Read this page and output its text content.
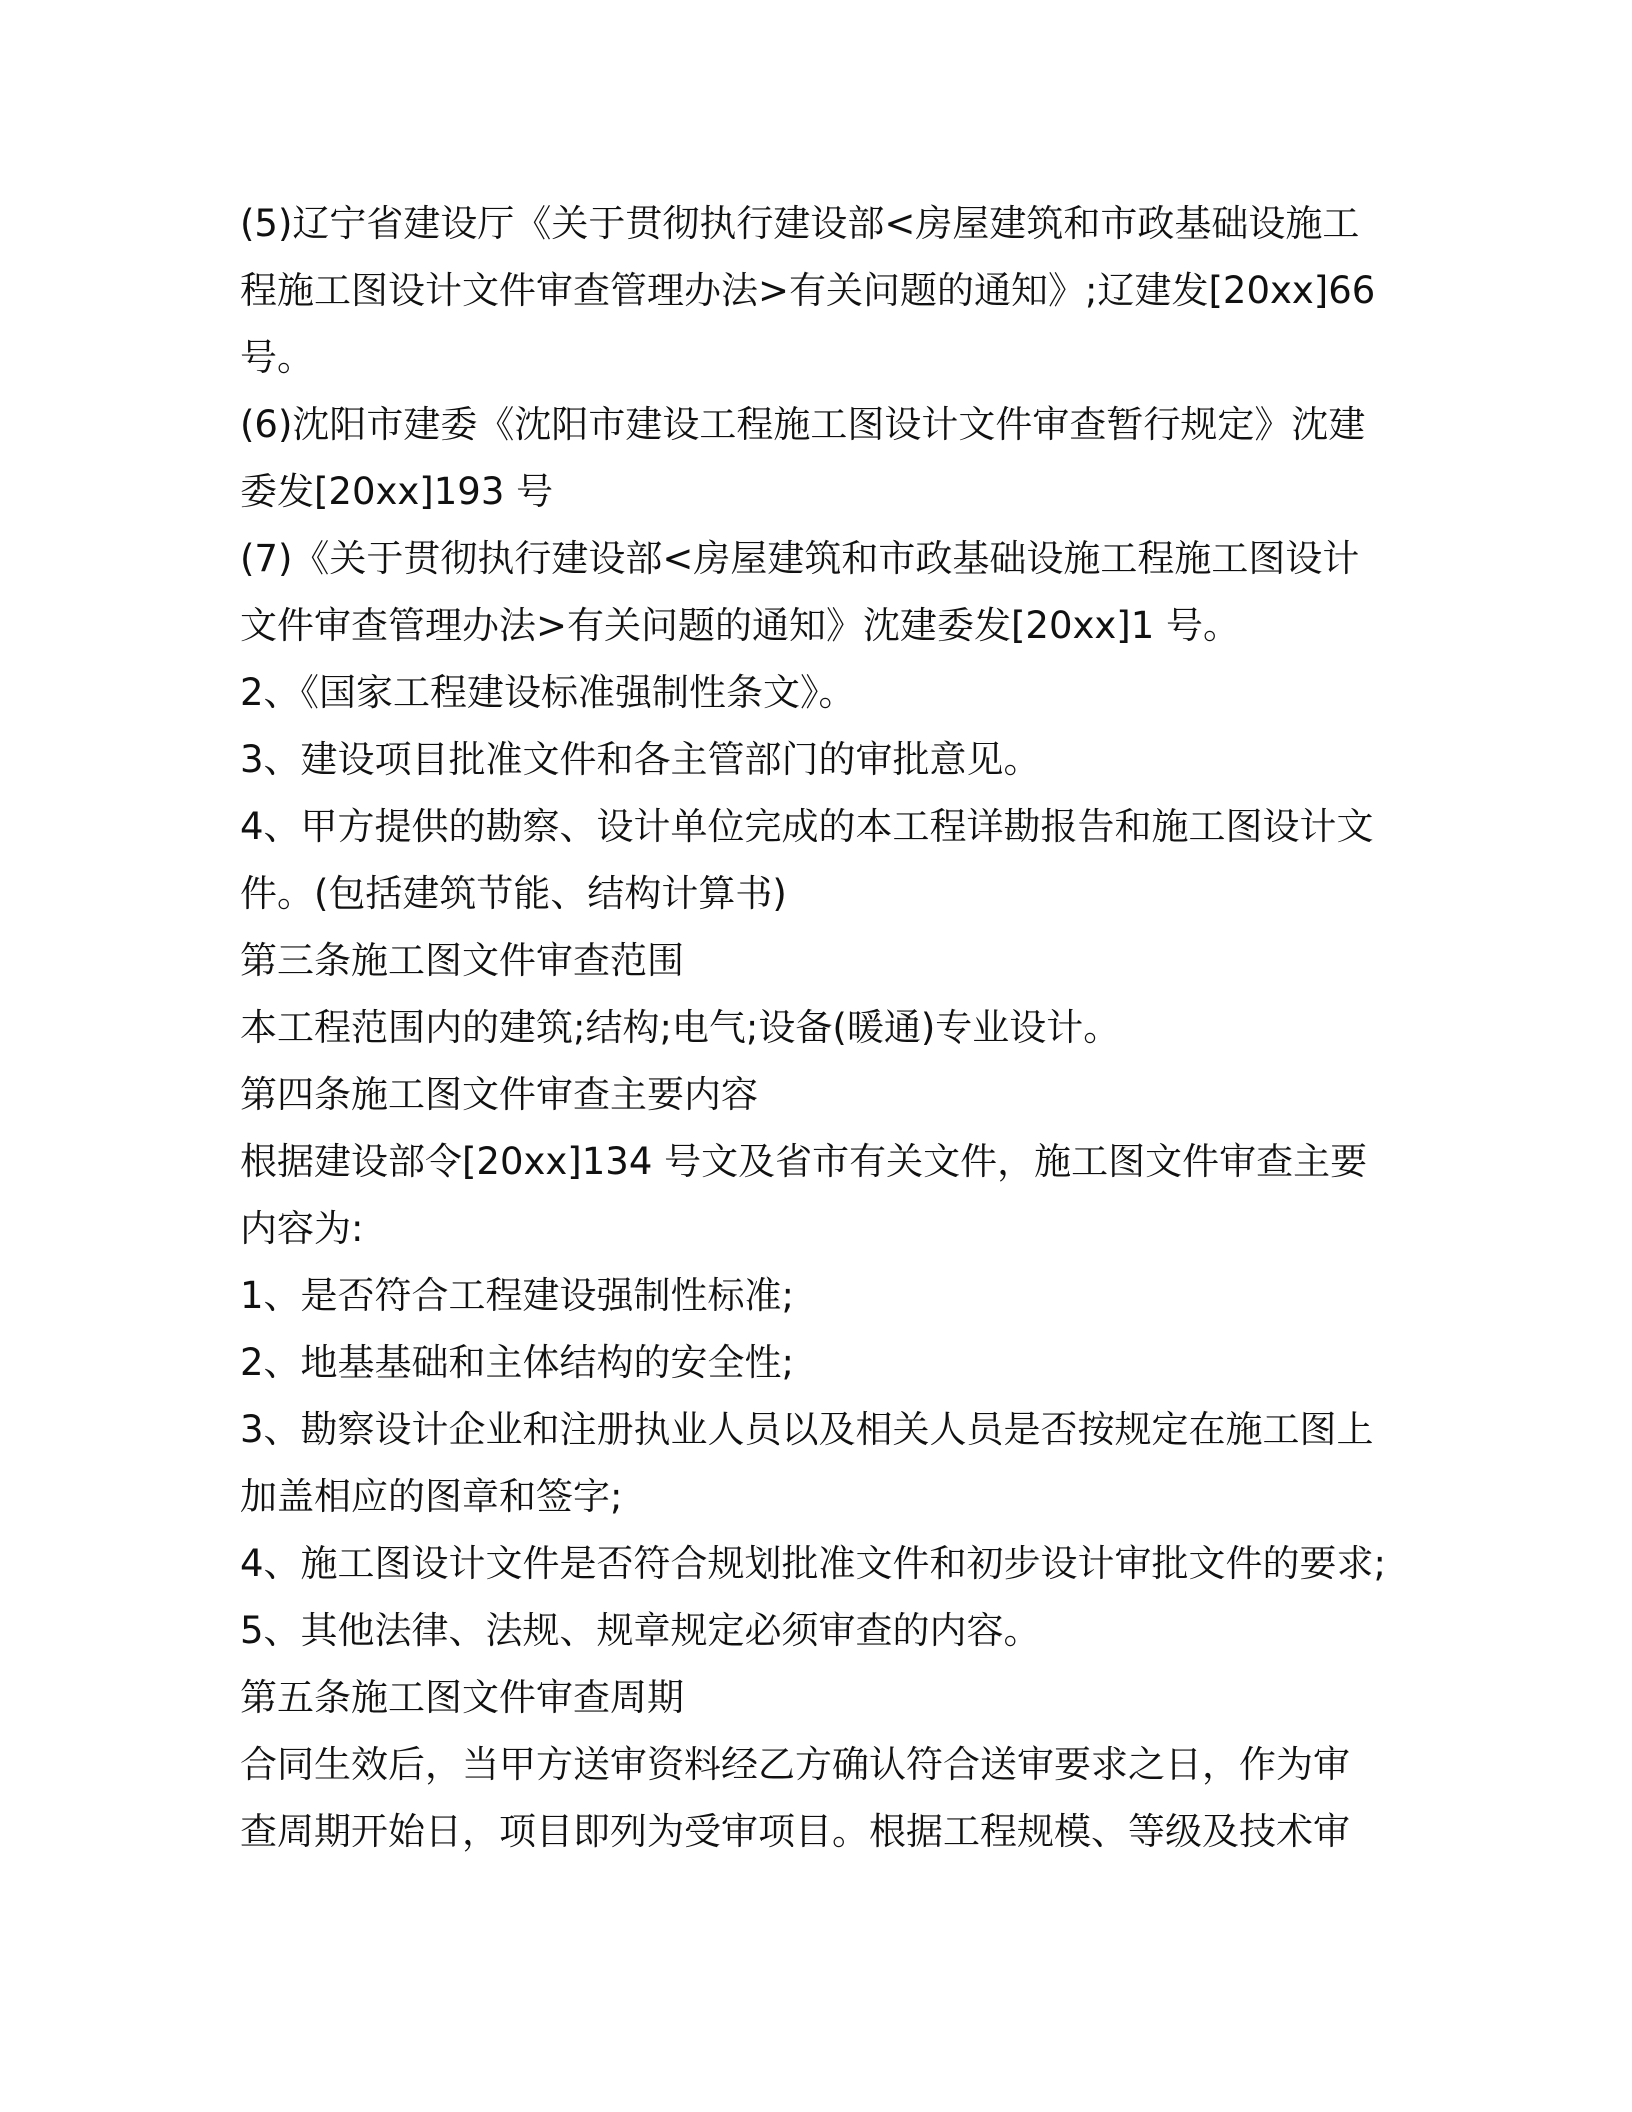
(5)辽宁省建设厅《关于贯彻执行建设部<房屋建筑和市政基础设施工
程施工图设计文件审查管理办法>有关问题的通知》;辽建发[20xx]66
号。
(6)沈阳市建委《沈阳市建设工程施工图设计文件审查暂行规定》沈建
委发[20xx]193 号
(7)《关于贯彻执行建设部<房屋建筑和市政基础设施工程施工图设计
文件审查管理办法>有关问题的通知》沈建委发[20xx]1 号。
2、《国家工程建设标准强制性条文》。
3、建设项目批准文件和各主管部门的审批意见。
4、甲方提供的勘察、设计单位完成的本工程详勘报告和施工图设计文
件。(包括建筑节能、结构计算书)
第三条施工图文件审查范围
本工程范围内的建筑;结构;电气;设备(暖通)专业设计。
第四条施工图文件审查主要内容
根据建设部令[20xx]134 号文及省市有关文件，施工图文件审查主要
内容为:
1、是否符合工程建设强制性标准;
2、地基基础和主体结构的安全性;
3、勘察设计企业和注册执业人员以及相关人员是否按规定在施工图上
加盖相应的图章和签字;
4、施工图设计文件是否符合规划批准文件和初步设计审批文件的要求;
5、其他法律、法规、规章规定必须审查的内容。
第五条施工图文件审查周期
合同生效后，当甲方送审资料经乙方确认符合送审要求之日，作为审
查周期开始日，项目即列为受审项目。根据工程规模、等级及技术审
